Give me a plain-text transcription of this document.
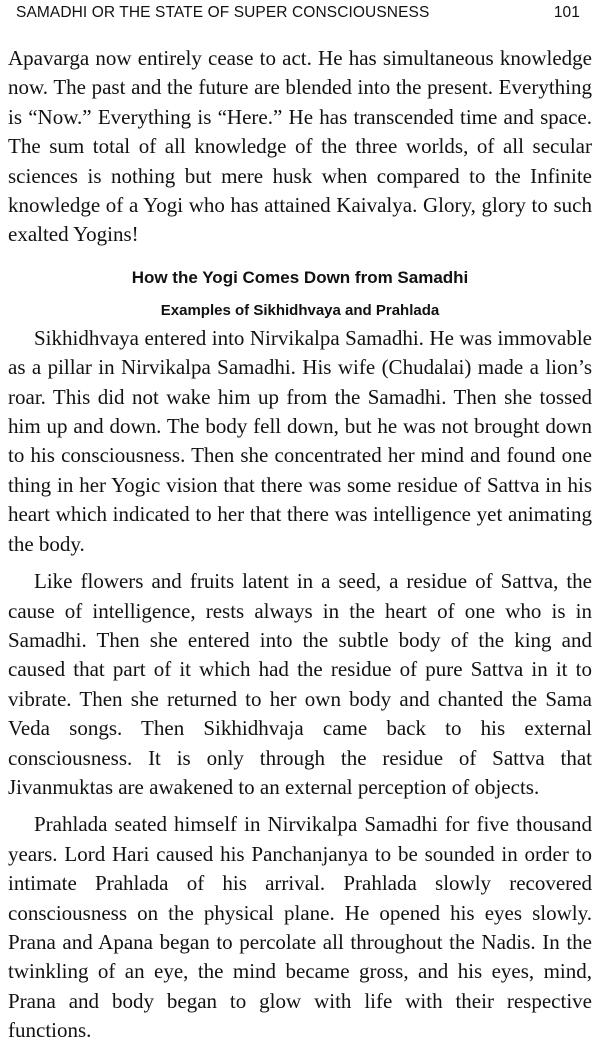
SAMADHI OR THE STATE OF SUPER CONSCIOUSNESS	101

Apavarga now entirely cease to act. He has simultaneous knowledge now. The past and the future are blended into the present. Everything is “Now.” Everything is “Here.” He has transcended time and space. The sum total of all knowledge of the three worlds, of all secular sciences is nothing but mere husk when compared to the Infinite knowledge of a Yogi who has attained Kaivalya. Glory, glory to such exalted Yogins!

How the Yogi Comes Down from Samadhi
Examples of Sikhidhvaya and Prahlada

Sikhidhvaya entered into Nirvikalpa Samadhi. He was immovable as a pillar in Nirvikalpa Samadhi. His wife (Chudalai) made a lion’s roar. This did not wake him up from the Samadhi. Then she tossed him up and down. The body fell down, but he was not brought down to his consciousness. Then she concentrated her mind and found one thing in her Yogic vision that there was some residue of Sattva in his heart which indicated to her that there was intelligence yet animating the body.

Like flowers and fruits latent in a seed, a residue of Sattva, the cause of intelligence, rests always in the heart of one who is in Samadhi. Then she entered into the subtle body of the king and caused that part of it which had the residue of pure Sattva in it to vibrate. Then she returned to her own body and chanted the Sama Veda songs. Then Sikhidhvaja came back to his external consciousness. It is only through the residue of Sattva that Jivanmuktas are awakened to an external perception of objects.

Prahlada seated himself in Nirvikalpa Samadhi for five thousand years. Lord Hari caused his Panchanjanya to be sounded in order to intimate Prahlada of his arrival. Prahlada slowly recovered consciousness on the physical plane. He opened his eyes slowly. Prana and Apana began to percolate all throughout the Nadis. In the twinkling of an eye, the mind became gross, and his eyes, mind, Prana and body began to glow with life with their respective functions.
